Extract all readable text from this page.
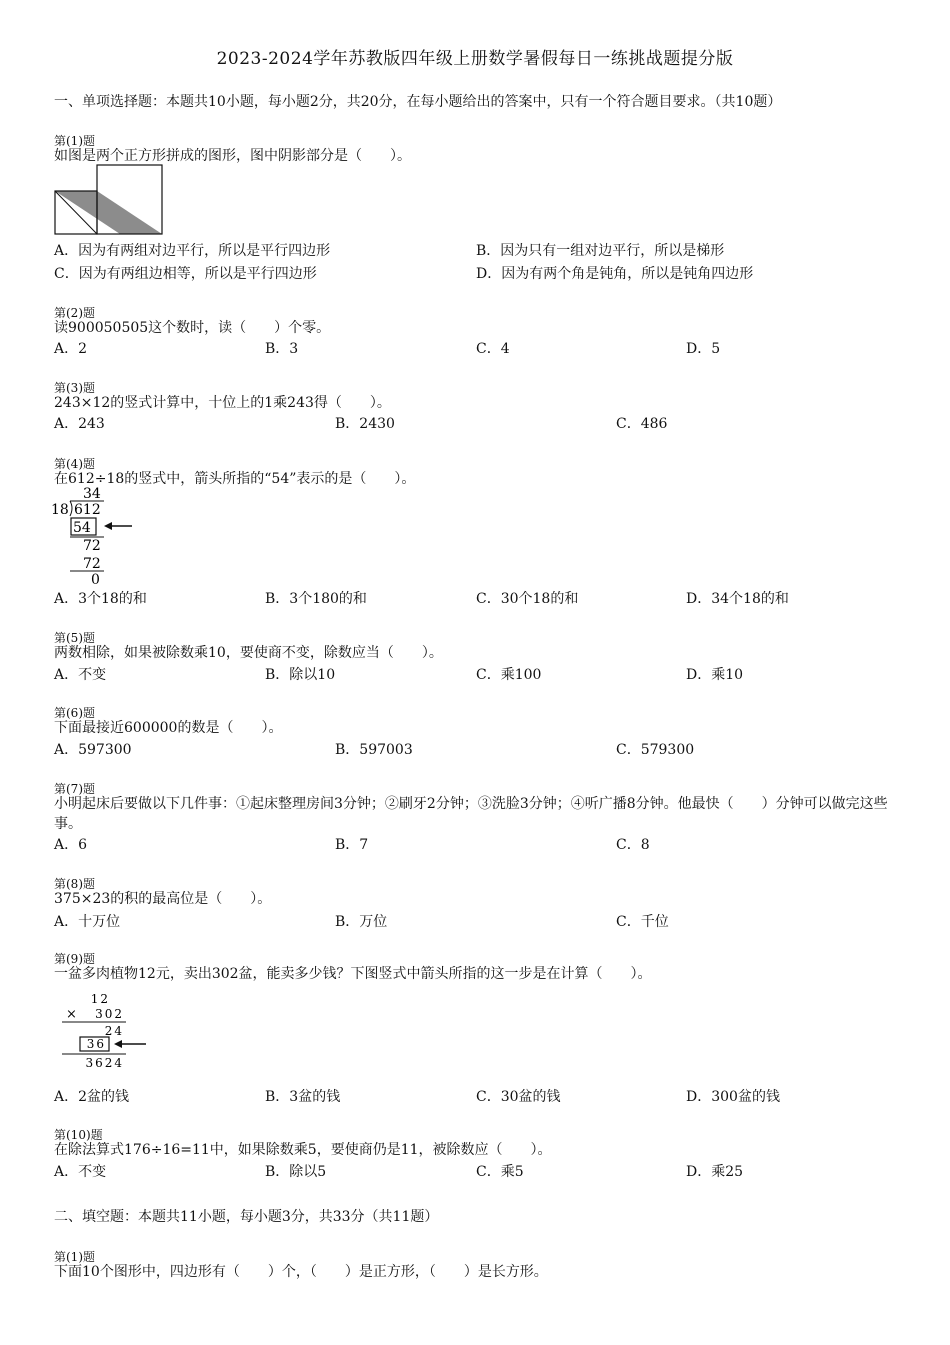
2023-2024学年苏教版四年级上册数学暑假每日一练挑战题提分版
一、单项选择题：本题共10小题，每小题2分，共20分，在每小题给出的答案中，只有一个符合题目要求。（共10题）
第(1)题
如图是两个正方形拼成的图形，图中阴影部分是（　　）。
A．因为有两组对边平行，所以是平行四边形	B．因为只有一组对边平行，所以是梯形
C．因为有两组边相等，所以是平行四边形	D．因为有两个角是钝角，所以是钝角四边形
第(2)题
读900050505这个数时，读（　　）个零。
A．2	B．3	C．4	D．5
第(3)题
243×12的竖式计算中，十位上的1乘243得（　　）。
A．243	B．2430	C．486
第(4)题
在612÷18的竖式中，箭头所指的“54”表示的是（　　）。
34
18 612
54
72
72
0
A．3个18的和	B．3个180的和	C．30个18的和	D．34个18的和
第(5)题
两数相除，如果被除数乘10，要使商不变，除数应当（　　）。
A．不变	B．除以10	C．乘100	D．乘10
第(6)题
下面最接近600000的数是（　　）。
A．597300	B．597003	C．579300
第(7)题
小明起床后要做以下几件事：①起床整理房间3分钟；②刷牙2分钟；③洗脸3分钟；④听广播8分钟。他最快（　　）分钟可以做完这些事。
A．6	B．7	C．8
第(8)题
375×23的积的最高位是（　　）。
A．十万位	B．万位	C．千位
第(9)题
一盆多肉植物12元，卖出302盆，能卖多少钱？下图竖式中箭头所指的这一步是在计算（　　）。
12
× 302
24
36
3624
A．2盆的钱	B．3盆的钱	C．30盆的钱	D．300盆的钱
第(10)题
在除法算式176÷16=11中，如果除数乘5，要使商仍是11，被除数应（　　）。
A．不变	B．除以5	C．乘5	D．乘25
二、填空题：本题共11小题，每小题3分，共33分（共11题）
第(1)题
下面10个图形中，四边形有（　　）个，（　　）是正方形，（　　）是长方形。
